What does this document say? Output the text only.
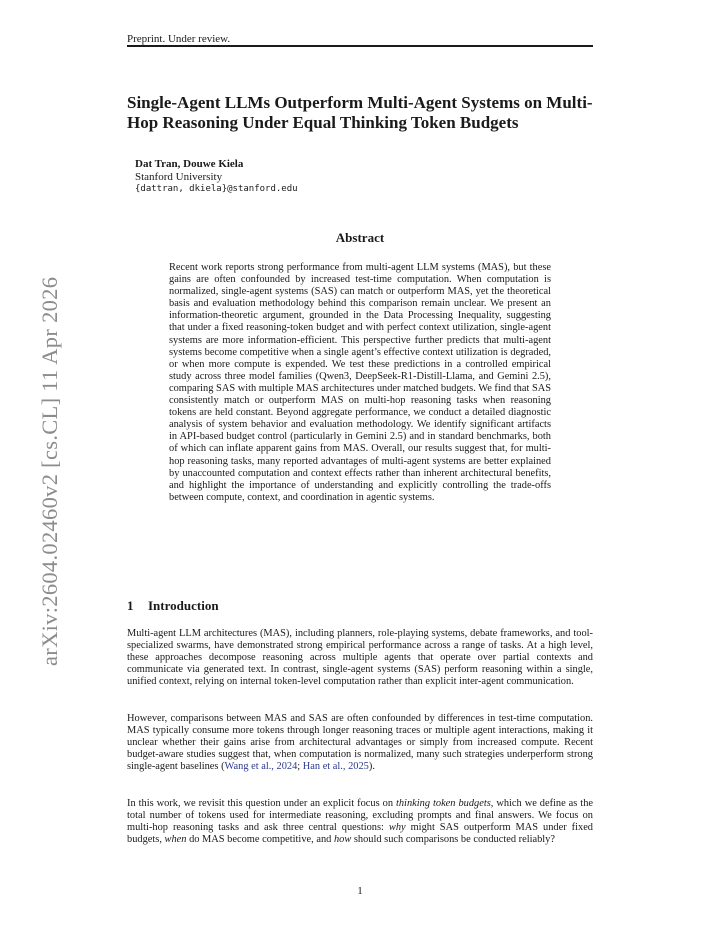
Preprint. Under review.
arXiv:2604.02460v2 [cs.CL] 11 Apr 2026
Single-Agent LLMs Outperform Multi-Agent Systems on Multi-Hop Reasoning Under Equal Thinking Token Budgets
Dat Tran, Douwe Kiela
Stanford University
{dattran, dkiela}@stanford.edu
Abstract

Recent work reports strong performance from multi-agent LLM systems (MAS), but these gains are often confounded by increased test-time computation. When computation is normalized, single-agent systems (SAS) can match or outperform MAS, yet the theoretical basis and evaluation methodology behind this comparison remain unclear. We present an information-theoretic argument, grounded in the Data Processing Inequality, suggesting that under a fixed reasoning-token budget and with perfect context utilization, single-agent systems are more information-efficient. This perspective further predicts that multi-agent systems become competitive when a single agent’s effective context utilization is degraded, or when more compute is expended. We test these predictions in a controlled empirical study across three model families (Qwen3, DeepSeek-R1-Distill-Llama, and Gemini 2.5), comparing SAS with multiple MAS architectures under matched budgets. We find that SAS consistently match or outperform MAS on multi-hop reasoning tasks when reasoning tokens are held constant. Beyond aggregate performance, we conduct a detailed diagnostic analysis of system behavior and evaluation methodology. We identify significant artifacts in API-based budget control (particularly in Gemini 2.5) and in standard benchmarks, both of which can inflate apparent gains from MAS. Overall, our results suggest that, for multi-hop reasoning tasks, many reported advantages of multi-agent systems are better explained by unaccounted computation and context effects rather than inherent architectural benefits, and highlight the importance of understanding and explicitly controlling the trade-offs between compute, context, and coordination in agentic systems.

1 Introduction

Multi-agent LLM architectures (MAS), including planners, role-playing systems, debate frameworks, and tool-specialized swarms, have demonstrated strong empirical performance across a range of tasks. At a high level, these approaches decompose reasoning across multiple agents that operate over partial contexts and communicate via generated text. In contrast, single-agent systems (SAS) perform reasoning within a single, unified context, relying on internal token-level computation rather than explicit inter-agent communication.

However, comparisons between MAS and SAS are often confounded by differences in test-time computation. MAS typically consume more tokens through longer reasoning traces or multiple agent interactions, making it unclear whether their gains arise from architectural advantages or simply from increased compute. Recent budget-aware studies suggest that, when computation is normalized, many such strategies underperform strong single-agent baselines (Wang et al., 2024; Han et al., 2025).

In this work, we revisit this question under an explicit focus on thinking token budgets, which we define as the total number of tokens used for intermediate reasoning, excluding prompts and final answers. We focus on multi-hop reasoning tasks and ask three central questions: why might SAS outperform MAS under fixed budgets, when do MAS become competitive, and how should such comparisons be conducted reliably?

1
